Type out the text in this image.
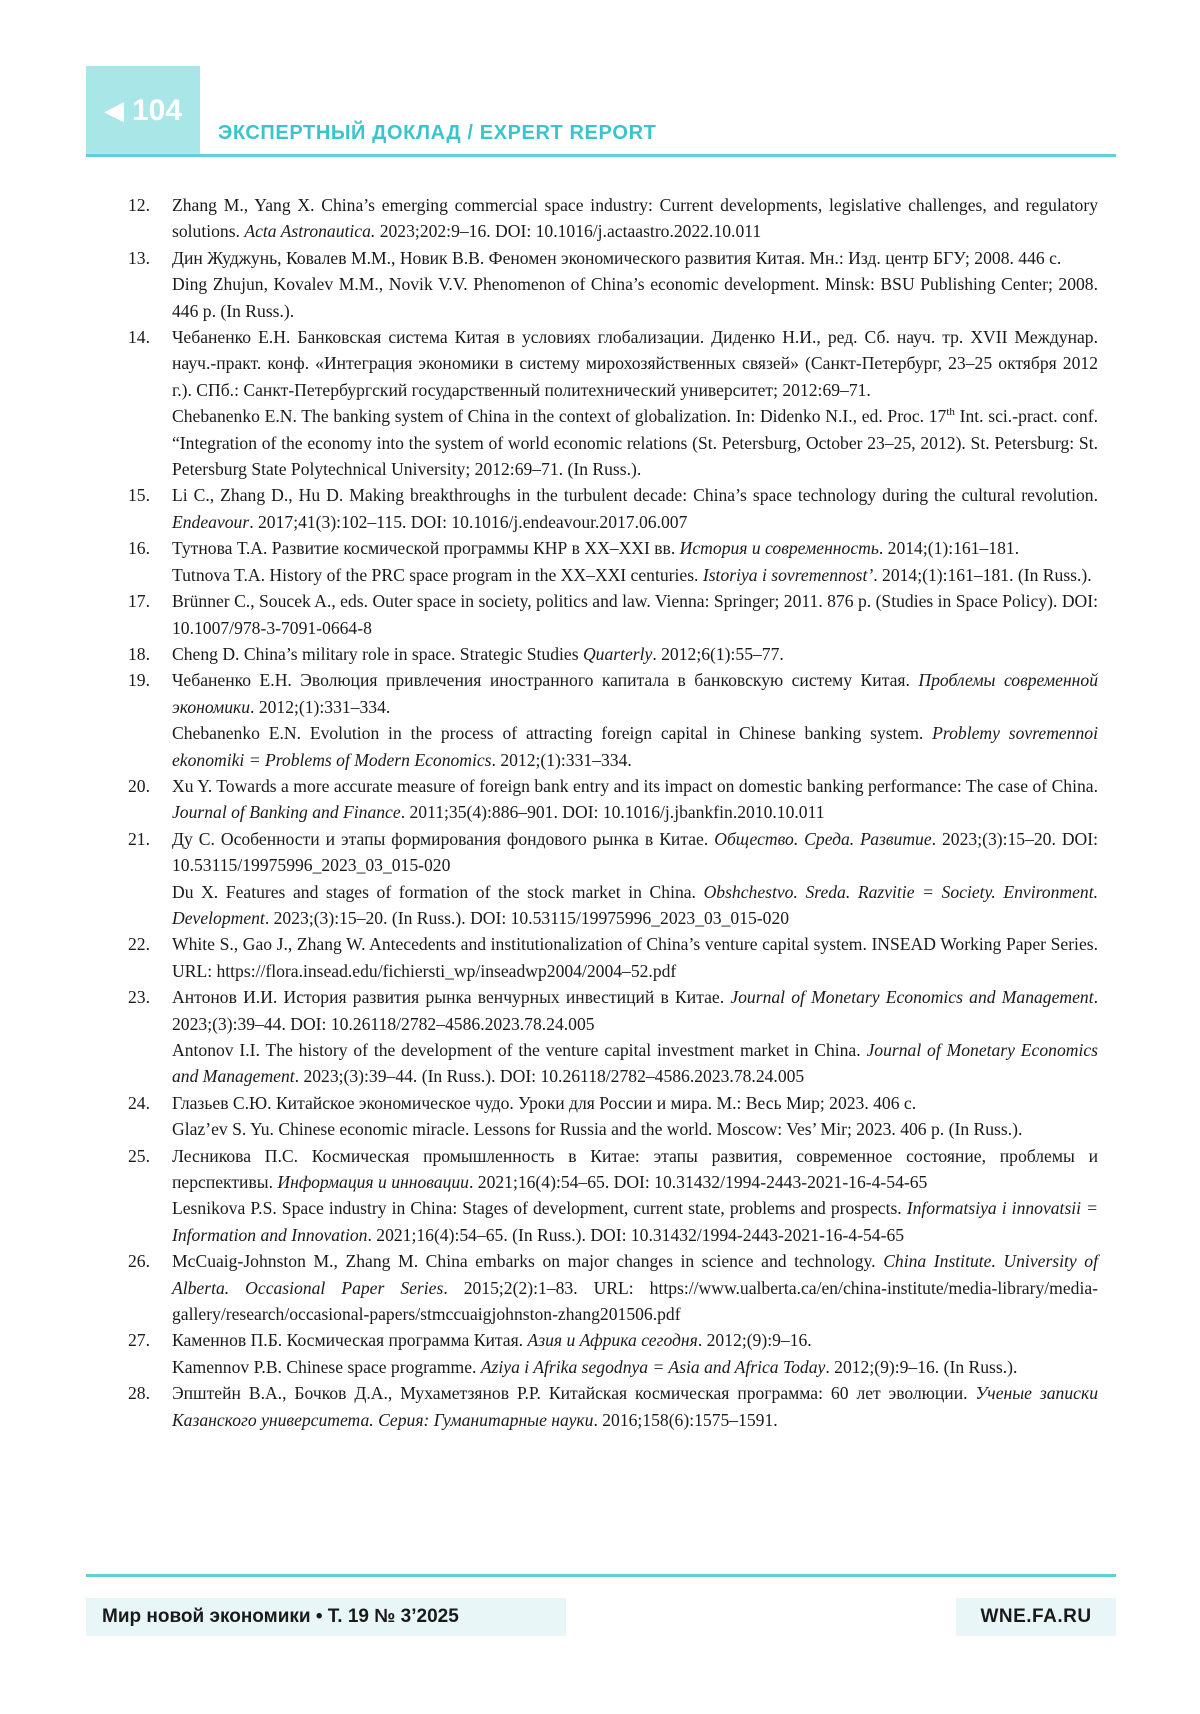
◀ 104
ЭКСПЕРТНЫЙ ДОКЛАД / EXPERT REPORT
12. Zhang M., Yang X. China’s emerging commercial space industry: Current developments, legislative challenges, and regulatory solutions. Acta Astronautica. 2023;202:9–16. DOI: 10.1016/j.actaastro.2022.10.011

13. Дин Жуджунь, Ковалев М.М., Новик В.В. Феномен экономического развития Китая. Мн.: Изд. центр БГУ; 2008. 446 с.

Ding Zhujun, Kovalev M.M., Novik V.V. Phenomenon of China’s economic development. Minsk: BSU Publishing Center; 2008. 446 p. (In Russ.).

14. Чебаненко Е.Н. Банковская система Китая в условиях глобализации. Диденко Н.И., ред. Сб. науч. тр. XVII Междунар. науч.-практ. конф. «Интеграция экономики в систему мирохозяйственных связей» (Санкт-Петербург, 23–25 октября 2012 г.). СПб.: Санкт-Петербургский государственный политехнический университет; 2012:69–71.

Chebanenko E.N. The banking system of China in the context of globalization. In: Didenko N.I., ed. Proc. 17th Int. sci.-pract. conf. “Integration of the economy into the system of world economic relations (St. Petersburg, October 23–25, 2012). St. Petersburg: St. Petersburg State Polytechnical University; 2012:69–71. (In Russ.).

15. Li C., Zhang D., Hu D. Making breakthroughs in the turbulent decade: China’s space technology during the cultural revolution. Endeavour. 2017;41(3):102–115. DOI: 10.1016/j.endeavour.2017.06.007

16. Тутнова Т.А. Развитие космической программы КНР в XX–XXI вв. История и современность. 2014;(1):161–181.

Tutnova T.A. History of the PRC space program in the XX–XXI centuries. Istoriya i sovremennost’. 2014;(1):161–181. (In Russ.).

17. Brünner C., Soucek A., eds. Outer space in society, politics and law. Vienna: Springer; 2011. 876 p. (Studies in Space Policy). DOI: 10.1007/978-3-7091-0664-8

18. Cheng D. China’s military role in space. Strategic Studies Quarterly. 2012;6(1):55–77.

19. Чебаненко Е.Н. Эволюция привлечения иностранного капитала в банковскую систему Китая. Проблемы современной экономики. 2012;(1):331–334.

Chebanenko E.N. Evolution in the process of attracting foreign capital in Chinese banking system. Problemy sovremennoi ekonomiki = Problems of Modern Economics. 2012;(1):331–334.

20. Xu Y. Towards a more accurate measure of foreign bank entry and its impact on domestic banking performance: The case of China. Journal of Banking and Finance. 2011;35(4):886–901. DOI: 10.1016/j.jbankfin.2010.10.011

21. Ду С. Особенности и этапы формирования фондового рынка в Китае. Общество. Среда. Развитие. 2023;(3):15–20. DOI: 10.53115/19975996_2023_03_015-020

Du X. Features and stages of formation of the stock market in China. Obshchestvo. Sreda. Razvitie = Society. Environment. Development. 2023;(3):15–20. (In Russ.). DOI: 10.53115/19975996_2023_03_015-020

22. White S., Gao J., Zhang W. Antecedents and institutionalization of China’s venture capital system. INSEAD Working Paper Series. URL: https://flora.insead.edu/fichiersti_wp/inseadwp2004/2004–52.pdf

23. Антонов И.И. История развития рынка венчурных инвестиций в Китае. Journal of Monetary Economics and Management. 2023;(3):39–44. DOI: 10.26118/2782–4586.2023.78.24.005

Antonov I.I. The history of the development of the venture capital investment market in China. Journal of Monetary Economics and Management. 2023;(3):39–44. (In Russ.). DOI: 10.26118/2782–4586.2023.78.24.005

24. Глазьев С.Ю. Китайское экономическое чудо. Уроки для России и мира. М.: Весь Мир; 2023. 406 с.

Glaz’ev S. Yu. Chinese economic miracle. Lessons for Russia and the world. Moscow: Ves’ Mir; 2023. 406 p. (In Russ.).

25. Лесникова П.С. Космическая промышленность в Китае: этапы развития, современное состояние, проблемы и перспективы. Информация и инновации. 2021;16(4):54–65. DOI: 10.31432/1994-2443-2021-16-4-54-65

Lesnikova P.S. Space industry in China: Stages of development, current state, problems and prospects. Informatsiya i innovatsii = Information and Innovation. 2021;16(4):54–65. (In Russ.). DOI: 10.31432/1994-2443-2021-16-4-54-65

26. McCuaig-Johnston M., Zhang M. China embarks on major changes in science and technology. China Institute. University of Alberta. Occasional Paper Series. 2015;2(2):1–83. URL: https://www.ualberta.ca/en/china-institute/media-library/media-gallery/research/occasional-papers/stmccuaigjohnston-zhang201506.pdf

27. Каменнов П.Б. Космическая программа Китая. Азия и Африка сегодня. 2012;(9):9–16.

Kamennov P.B. Chinese space programme. Aziya i Afrika segodnya = Asia and Africa Today. 2012;(9):9–16. (In Russ.).

28. Эпштейн В.А., Бочков Д.А., Мухаметзянов Р.Р. Китайская космическая программа: 60 лет эволюции. Ученые записки Казанского университета. Серия: Гуманитарные науки. 2016;158(6):1575–1591.

Мир новой экономики • Т. 19 № 3’2025	WNE.FA.RU
